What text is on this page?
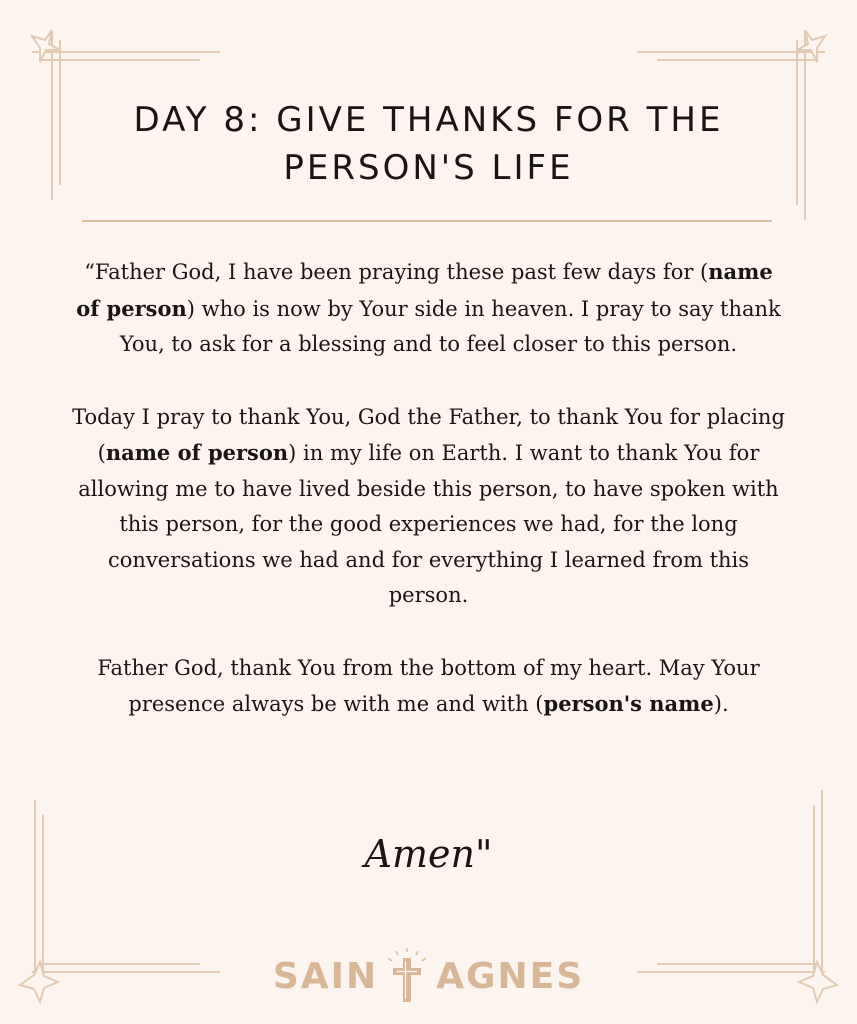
DAY 8: GIVE THANKS FOR THE
PERSON'S LIFE

“Father God, I have been praying these past few days for (name of person) who is now by Your side in heaven. I pray to say thank You, to ask for a blessing and to feel closer to this person.

Today I pray to thank You, God the Father, to thank You for placing (name of person) in my life on Earth. I want to thank You for allowing me to have lived beside this person, to have spoken with this person, for the good experiences we had, for the long conversations we had and for everything I learned from this person.

Father God, thank You from the bottom of my heart. May Your presence always be with me and with (person's name).

Amen"
SAIN AGNES
